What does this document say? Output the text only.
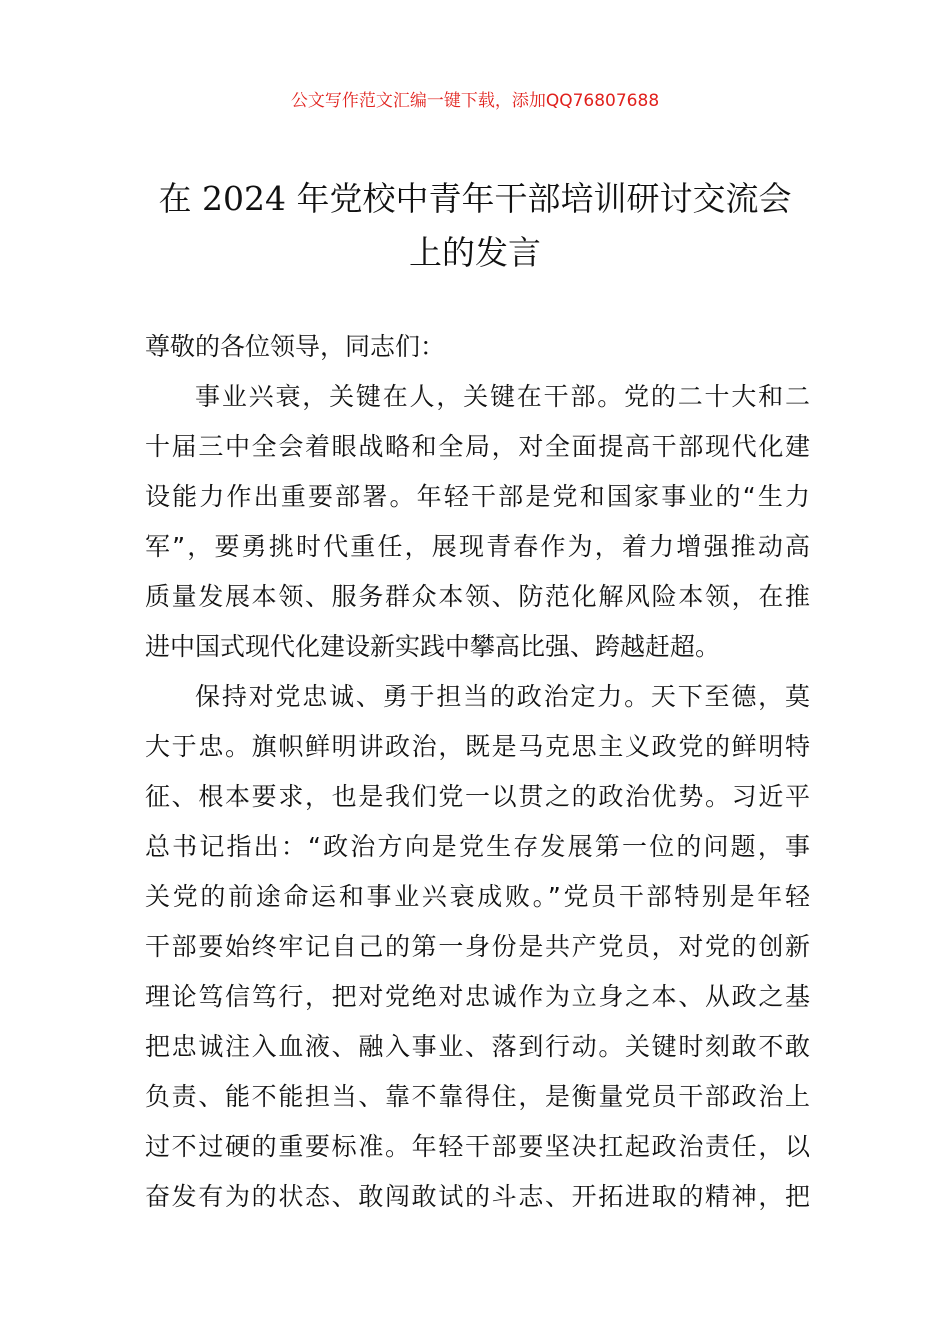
公文写作范文汇编一键下载，添加QQ76807688
在 2024 年党校中青年干部培训研讨交流会
上的发言
尊敬的各位领导，同志们：
事业兴衰，关键在人，关键在干部。党的二十大和二
十届三中全会着眼战略和全局，对全面提高干部现代化建
设能力作出重要部署。年轻干部是党和国家事业的“生力
军”，要勇挑时代重任，展现青春作为，着力增强推动高
质量发展本领、服务群众本领、防范化解风险本领，在推
进中国式现代化建设新实践中攀高比强、跨越赶超。
保持对党忠诚、勇于担当的政治定力。天下至德，莫
大于忠。旗帜鲜明讲政治，既是马克思主义政党的鲜明特
征、根本要求，也是我们党一以贯之的政治优势。习近平
总书记指出：“政治方向是党生存发展第一位的问题，事
关党的前途命运和事业兴衰成败。”党员干部特别是年轻
干部要始终牢记自己的第一身份是共产党员，对党的创新
理论笃信笃行，把对党绝对忠诚作为立身之本、从政之基
把忠诚注入血液、融入事业、落到行动。关键时刻敢不敢
负责、能不能担当、靠不靠得住，是衡量党员干部政治上
过不过硬的重要标准。年轻干部要坚决扛起政治责任，以
奋发有为的状态、敢闯敢试的斗志、开拓进取的精神，把
